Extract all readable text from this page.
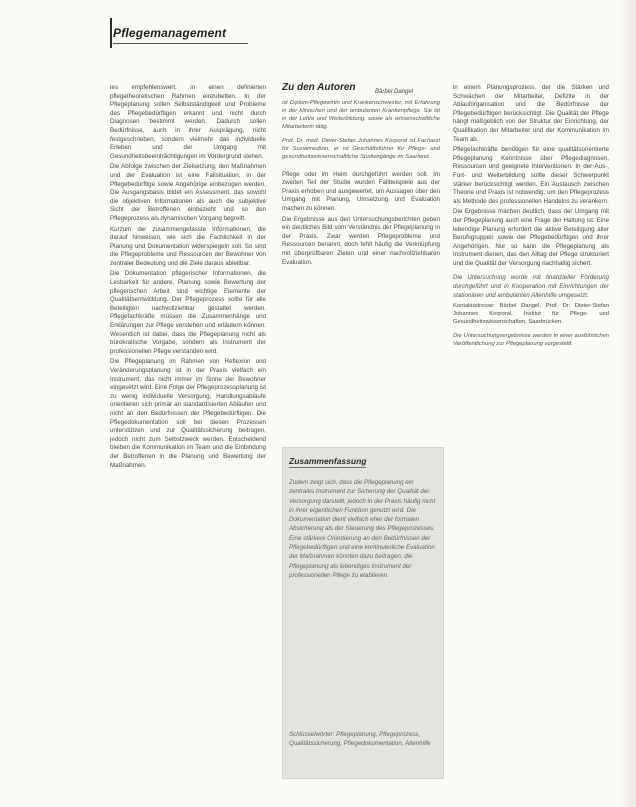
Pflegemanagement

les empfehlenswert, in einen definierten pflegetheoretischen Rahmen einzubetten. In der Pflegeplanung sollen Selbstständigkeit und Probleme des Pflegebedürftigen erkannt und nicht durch Diagnosen bestimmt werden. Dadurch sollen Bedürfnisse, auch in ihrer Ausprägung, nicht festgeschrieben, sondern vielmehr das individuelle Erleben und der Umgang mit Gesundheitsbeeinträchtigungen im Vordergrund stehen.

Die Abfolge zwischen der Zielsetzung, den Maßnahmen und der Evaluation ist eine Fallsituation, in der Pflegebedürftige sowie Angehörige einbezogen werden. Die Ausgangsbasis bildet ein Assessment, das sowohl die objektiven Informationen als auch die subjektive Sicht der Betroffenen einbezieht und so den Pflegeprozess als dynamischen Vorgang begreift.

Kurzum der zusammengefasste Informationen, die darauf hinweisen, wie sich die Fachlichkeit in der Planung und Dokumentation widerspiegeln soll. So sind die Pflegeprobleme und Ressourcen der Bewohner von zentraler Bedeutung und die Ziele daraus ableitbar.

Die Dokumentation pflegerischer Informationen, die Lesbarkeit für andere, Planung sowie Bewertung der pflegerischen Arbeit sind wichtige Elemente der Qualitätsentwicklung. Der Pflegeprozess sollte für alle Beteiligten nachvollziehbar gestaltet werden. Pflegefachkräfte müssen die Zusammenhänge und Erklärungen zur Pflege verstehen und erläutern können. Wesentlich ist dabei, dass die Pflegeplanung nicht als bürokratische Vorgabe, sondern als Instrument der professionellen Pflege verstanden wird.

Die Pflegeplanung im Rahmen von Reflexion und Veränderungsplanung ist in der Praxis vielfach ein Instrument, das nicht immer im Sinne der Bewohner eingesetzt wird. Eine Folge der Pflegeprozessplanung ist zu wenig individuelle Versorgung, Handlungsabläufe orientieren sich primär an standardisierten Abläufen und nicht an den Bedürfnissen der Pflegebedürftigen. Die Pflegedokumentation soll bei diesen Prozessen unterstützen und zur Qualitätssicherung beitragen, jedoch nicht zum Selbstzweck werden. Entscheidend bleiben die Kommunikation im Team und die Einbindung der Betroffenen in die Planung und Bewertung der Maßnahmen.

Zu den Autoren
ist Diplom-Pflegewirtin und Krankenschwester, mit Erfahrung in der klinischen und der ambulanten Krankenpflege. Sie ist in der Lehre und Weiterbildung, sowie als wissenschaftliche Mitarbeiterin tätig.
Prof. Dr. med. Dieter-Stefan Johannes Korporal ist Facharzt für Sozialmedizin, er ist Geschäftsführer für Pflege- und gesundheitswissenschaftliche Studiengänge im Saarland.

Pflege oder im Heim durchgeführt werden soll. Im zweiten Teil der Studie wurden Fallbeispiele aus der Praxis erhoben und ausgewertet, um Aussagen über den Umgang mit Planung, Umsetzung und Evaluation machen zu können.

Die Ergebnisse aus den Untersuchungsberichten geben ein deutliches Bild vom Verständnis der Pflegeplanung in der Praxis. Zwar werden Pflegeprobleme und Ressourcen benannt, doch fehlt häufig die Verknüpfung mit überprüfbaren Zielen und einer nachvollziehbaren Evaluation.

Bärbel Dangel
Zusammenfassung
Zudem zeigt sich, dass die Pflegeplanung ein zentrales Instrument zur Sicherung der Qualität der Versorgung darstellt, jedoch in der Praxis häufig nicht in ihrer eigentlichen Funktion genutzt wird. Die Dokumentation dient vielfach eher der formalen Absicherung als der Steuerung des Pflegeprozesses. Eine stärkere Orientierung an den Bedürfnissen der Pflegebedürftigen und eine kontinuierliche Evaluation der Maßnahmen könnten dazu beitragen, die Pflegeplanung als lebendiges Instrument der professionellen Pflege zu etablieren.
Schlüsselwörter: Pflegeplanung, Pflegeprozess, Qualitätssicherung, Pflegedokumentation, Altenhilfe

in einem Planungsprozess, der die Stärken und Schwächen der Mitarbeiter, Defizite in der Ablauforganisation und die Bedürfnisse der Pflegebedürftigen berücksichtigt. Die Qualität der Pflege hängt maßgeblich von der Struktur der Einrichtung, der Qualifikation der Mitarbeiter und der Kommunikation im Team ab.

Pflegefachkräfte benötigen für eine qualitätsorientierte Pflegeplanung Kenntnisse über Pflegediagnosen, Ressourcen und geeignete Interventionen. In der Aus-, Fort- und Weiterbildung sollte dieser Schwerpunkt stärker berücksichtigt werden. Ein Austausch zwischen Theorie und Praxis ist notwendig, um den Pflegeprozess als Methode des professionellen Handelns zu verankern.

Die Ergebnisse machen deutlich, dass der Umgang mit der Pflegeplanung auch eine Frage der Haltung ist. Eine lebendige Planung erfordert die aktive Beteiligung aller Berufsgruppen sowie der Pflegebedürftigen und ihrer Angehörigen. Nur so kann die Pflegeplanung als Instrument dienen, das den Alltag der Pflege strukturiert und die Qualität der Versorgung nachhaltig sichert.

Die Untersuchung wurde mit finanzieller Förderung durchgeführt und in Kooperation mit Einrichtungen der stationären und ambulanten Altenhilfe umgesetzt.

Kontaktadresse: Bärbel Dangel, Prof. Dr. Dieter-Stefan Johannes Korporal, Institut für Pflege- und Gesundheitswissenschaften, Saarbrücken.

Die Untersuchungsergebnisse werden in einer ausführlichen Veröffentlichung zur Pflegeplanung vorgestellt.
